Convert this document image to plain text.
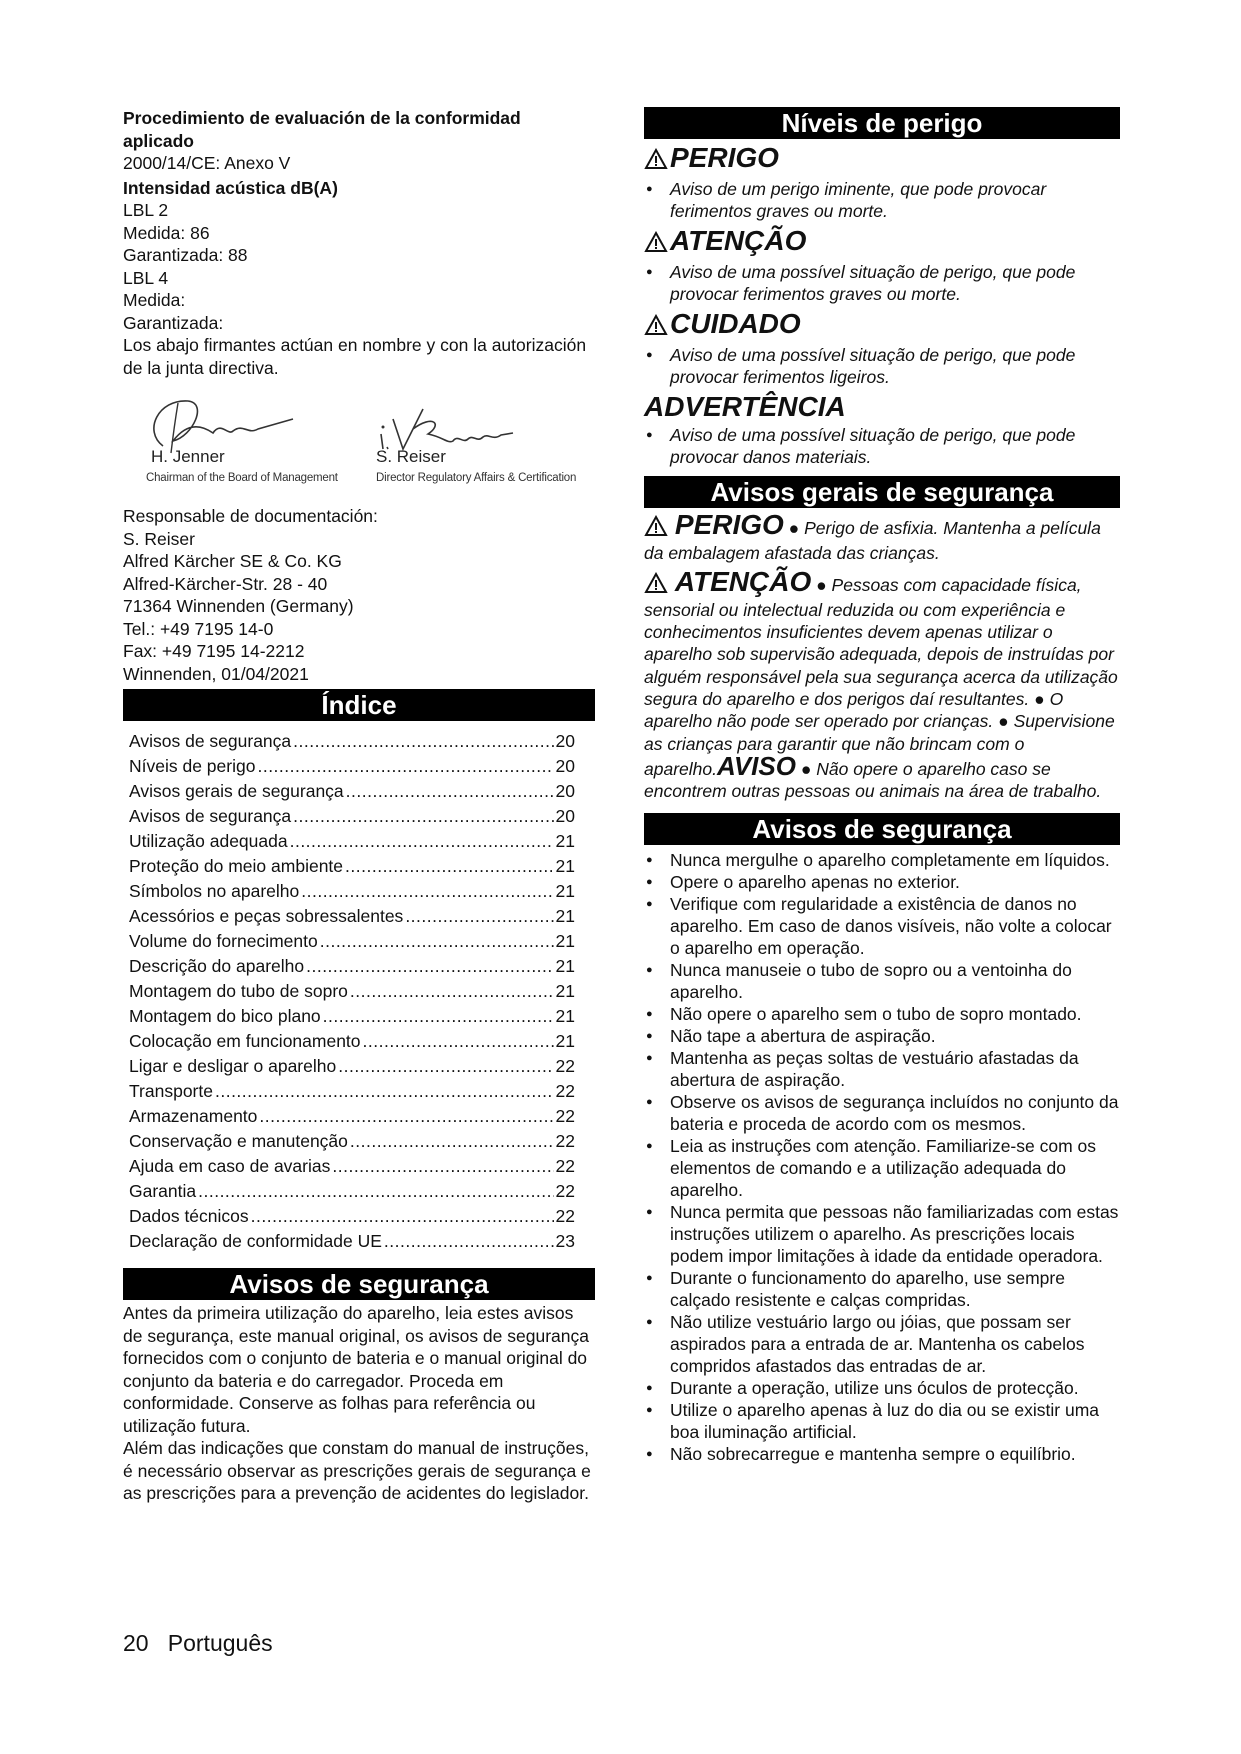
Procedimiento de evaluación de la conformidad aplicado

2000/14/CE: Anexo V

Intensidad acústica dB(A)

LBL 2

Medida: 86

Garantizada: 88

LBL 4

Medida:

Garantizada:

Los abajo firmantes actúan en nombre y con la autorización de la junta directiva.

H. Jenner
Chairman of the Board of Management
S. Reiser
Director Regulatory Affairs & Certification

Responsable de documentación:

S. Reiser

Alfred Kärcher SE & Co. KG

Alfred-Kärcher-Str. 28 - 40

71364 Winnenden (Germany)

Tel.: +49 7195 14-0

Fax: +49 7195 14-2212

Winnenden, 01/04/2021

Índice
Avisos de segurança .....	20
Níveis de perigo .....	20
Avisos gerais de segurança .....	20
Avisos de segurança .....	20
Utilização adequada .....	21
Proteção do meio ambiente .....	21
Símbolos no aparelho .....	21
Acessórios e peças sobressalentes .....	21
Volume do fornecimento .....	21
Descrição do aparelho .....	21
Montagem do tubo de sopro .....	21
Montagem do bico plano .....	21
Colocação em funcionamento .....	21
Ligar e desligar o aparelho .....	22
Transporte .....	22
Armazenamento .....	22
Conservação e manutenção .....	22
Ajuda em caso de avarias .....	22
Garantia .....	22
Dados técnicos .....	22
Declaração de conformidade UE .....	23
Avisos de segurança

Antes da primeira utilização do aparelho, leia estes avisos de segurança, este manual original, os avisos de segurança fornecidos com o conjunto de bateria e o manual original do conjunto da bateria e do carregador. Proceda em conformidade. Conserve as folhas para referência ou utilização futura.

Além das indicações que constam do manual de instruções, é necessário observar as prescrições gerais de segurança e as prescrições para a prevenção de acidentes do legislador.

Níveis de perigo
PERIGO
● Aviso de um perigo iminente, que pode provocar ferimentos graves ou morte.
ATENÇÃO
● Aviso de uma possível situação de perigo, que pode provocar ferimentos graves ou morte.
CUIDADO
● Aviso de uma possível situação de perigo, que pode provocar ferimentos ligeiros.
ADVERTÊNCIA
● Aviso de uma possível situação de perigo, que pode provocar danos materiais.
Avisos gerais de segurança

PERIGO ● Perigo de asfixia. Mantenha a película da embalagem afastada das crianças.

ATENÇÃO ● Pessoas com capacidade física, sensorial ou intelectual reduzida ou com experiência e conhecimentos insuficientes devem apenas utilizar o aparelho sob supervisão adequada, depois de instruídas por alguém responsável pela sua segurança acerca da utilização segura do aparelho e dos perigos daí resultantes. ● O aparelho não pode ser operado por crianças. ● Supervisione as crianças para garantir que não brincam com o aparelho.AVISO ● Não opere o aparelho caso se encontrem outras pessoas ou animais na área de trabalho.

Avisos de segurança
● Nunca mergulhe o aparelho completamente em líquidos.
● Opere o aparelho apenas no exterior.
● Verifique com regularidade a existência de danos no aparelho. Em caso de danos visíveis, não volte a colocar o aparelho em operação.
● Nunca manuseie o tubo de sopro ou a ventoinha do aparelho.
● Não opere o aparelho sem o tubo de sopro montado.
● Não tape a abertura de aspiração.
● Mantenha as peças soltas de vestuário afastadas da abertura de aspiração.
● Observe os avisos de segurança incluídos no conjunto da bateria e proceda de acordo com os mesmos.
● Leia as instruções com atenção. Familiarize-se com os elementos de comando e a utilização adequada do aparelho.
● Nunca permita que pessoas não familiarizadas com estas instruções utilizem o aparelho. As prescrições locais podem impor limitações à idade da entidade operadora.
● Durante o funcionamento do aparelho, use sempre calçado resistente e calças compridas.
● Não utilize vestuário largo ou jóias, que possam ser aspirados para a entrada de ar. Mantenha os cabelos compridos afastados das entradas de ar.
● Durante a operação, utilize uns óculos de protecção.
● Utilize o aparelho apenas à luz do dia ou se existir uma boa iluminação artificial.
● Não sobrecarregue e mantenha sempre o equilíbrio.
20 Português
